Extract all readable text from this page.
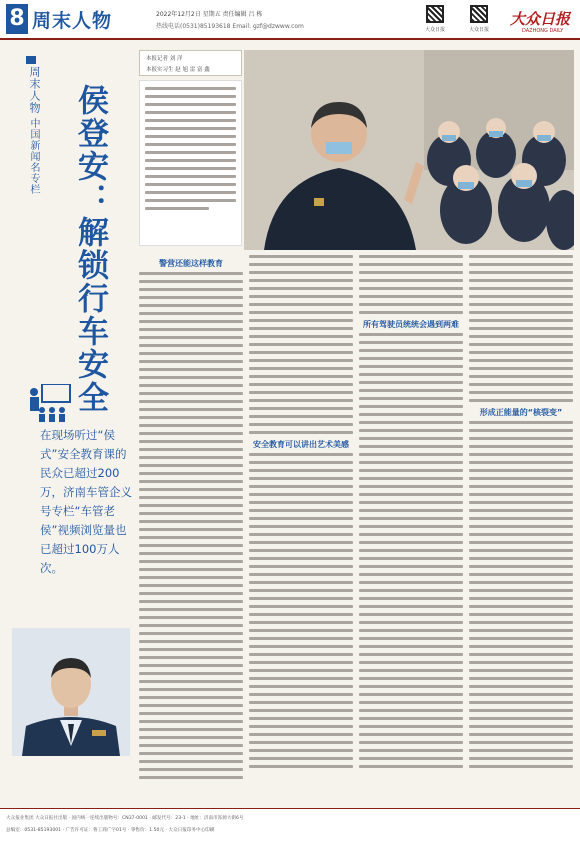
8 周末人物	2022年12月2日 星期五 责任编辑 吕 栋
热线电话(0531)85193618 Email: gzf@dzwww.com	大众日报	大众日报
大众日报
DAZHONG DAILY
周末人物
中国新闻名专栏 侯登安：解锁行车安全
在现场听过“侯式”安全教育课的民众已超过200万，济南车管企义号专栏“车管老侯”视频浏览量也已超过100万人次。
本报记者 刘 洋
本报实习生 赵 旭 雷 富 鑫
警营还能这样教育
安全教育可以讲出艺术美感
所有驾驶员统统会遇到两难
形成正能量的“核裂变”
大众报业集团 大众日报社出版 · 国内统一连续出版物号：CN37-0001 · 邮发代号：23-1 · 地址：济南市泺源大街6号
总编室：0531-85193001 · 广告许可证：鲁工商广字01号 · 零售价：1.50元 · 大众日报印务中心印刷
